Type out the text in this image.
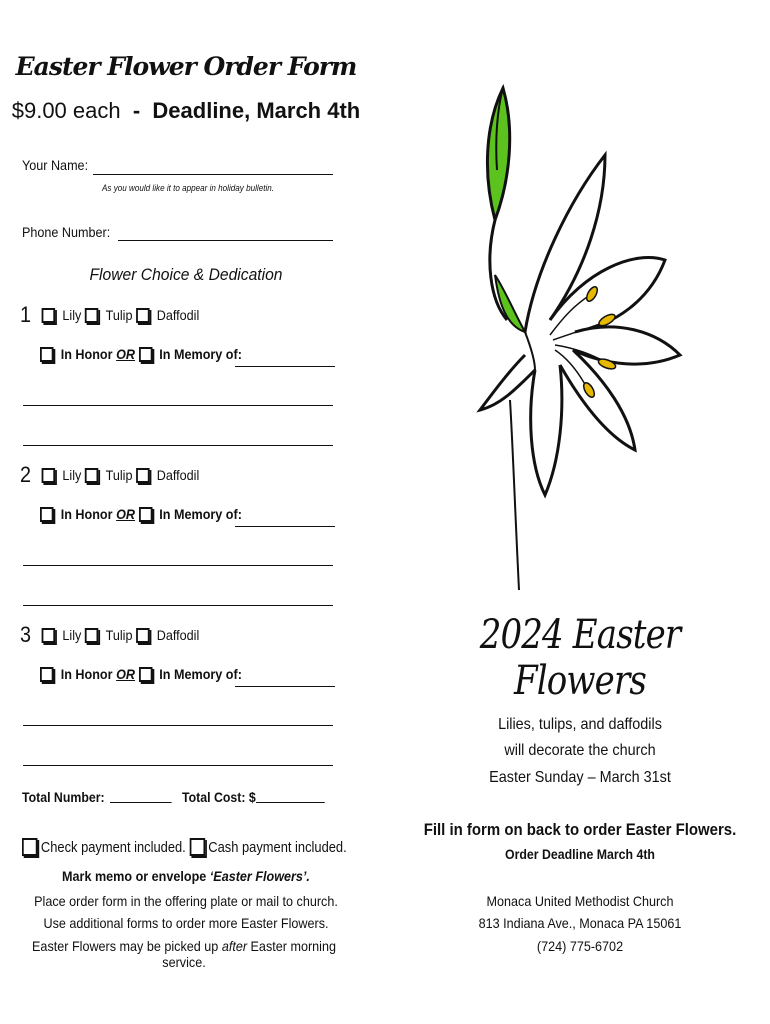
Easter Flower Order Form
$9.00 each - Deadline, March 4th
Your Name:
As you would like it to appear in holiday bulletin.
Phone Number:
Flower Choice & Dedication
1
Lily Tulip Daffodil
In Honor OR In Memory of:
2
Lily Tulip Daffodil
In Honor OR In Memory of:
3
Lily Tulip Daffodil
In Honor OR In Memory of:
Total Number:	Total Cost: $
Check payment included.
Cash payment included.
Mark memo or envelope ‘Easter Flowers’.
Place order form in the offering plate or mail to church.
Use additional forms to order more Easter Flowers.
Easter Flowers may be picked up after Easter morning service.
2024 Easter Flowers
Lilies, tulips, and daffodils
will decorate the church
Easter Sunday – March 31st
Fill in form on back to order Easter Flowers.
Order Deadline March 4th
Monaca United Methodist Church
813 Indiana Ave., Monaca PA 15061
(724) 775-6702
